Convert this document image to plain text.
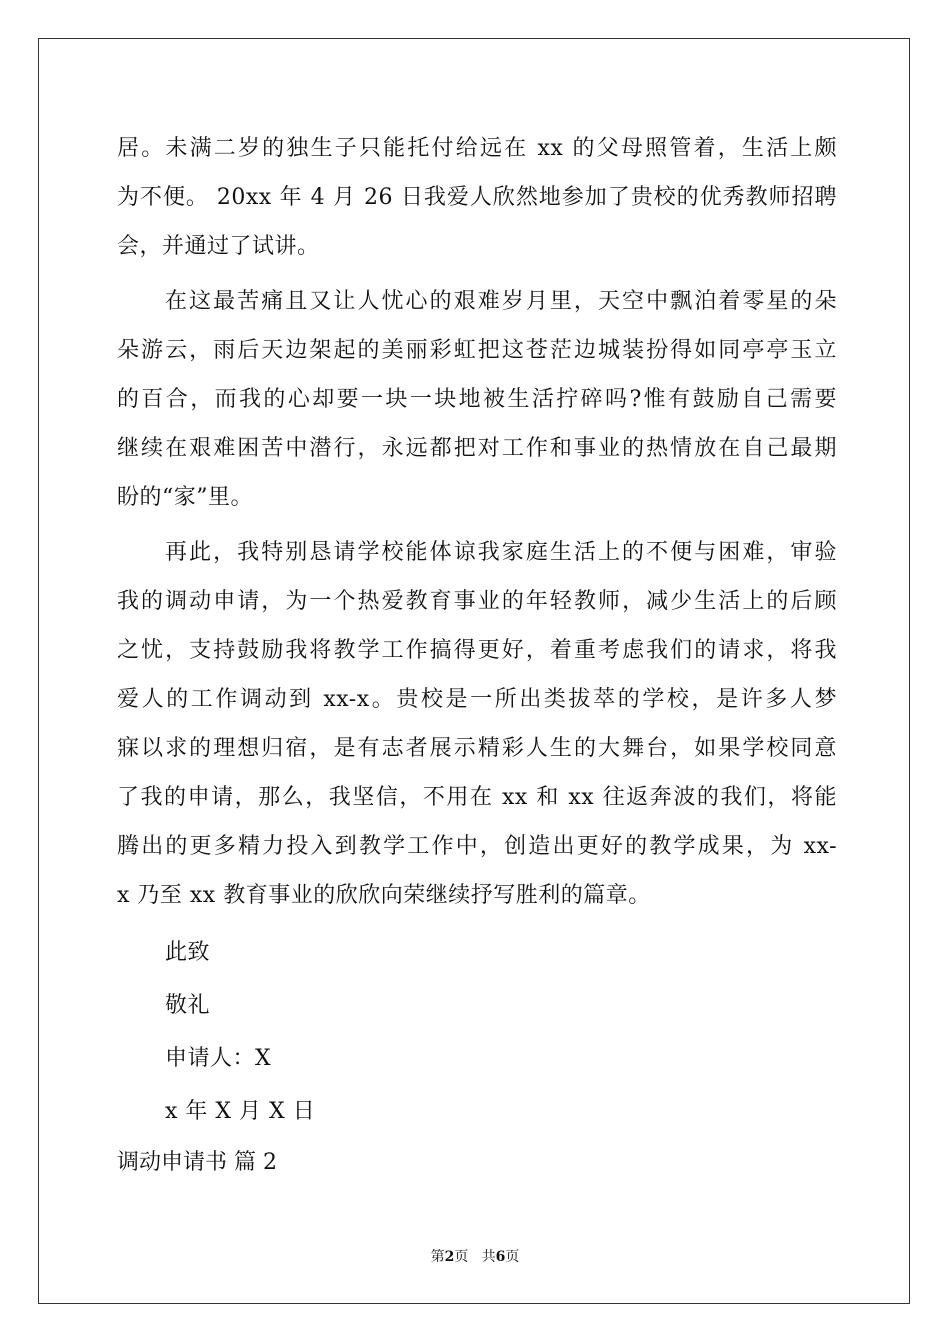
居。未满二岁的独生子只能托付给远在 xx 的父母照管着，生活上颇
为不便。 20xx 年 4 月 26 日我爱人欣然地参加了贵校的优秀教师招聘
会，并通过了试讲。
在这最苦痛且又让人忧心的艰难岁月里，天空中飘泊着零星的朵
朵游云，雨后天边架起的美丽彩虹把这苍茫边城装扮得如同亭亭玉立
的百合，而我的心却要一块一块地被生活拧碎吗?惟有鼓励自己需要
继续在艰难困苦中潜行，永远都把对工作和事业的热情放在自己最期
盼的“家”里。
再此，我特别恳请学校能体谅我家庭生活上的不便与困难，审验
我的调动申请，为一个热爱教育事业的年轻教师，减少生活上的后顾
之忧，支持鼓励我将教学工作搞得更好，着重考虑我们的请求，将我
爱人的工作调动到 xx-x。贵校是一所出类拔萃的学校，是许多人梦
寐以求的理想归宿，是有志者展示精彩人生的大舞台，如果学校同意
了我的申请，那么，我坚信，不用在 xx 和 xx 往返奔波的我们，将能
腾出的更多精力投入到教学工作中，创造出更好的教学成果，为 xx-
x 乃至 xx 教育事业的欣欣向荣继续抒写胜利的篇章。
此致
敬礼
申请人：X
x 年 X 月 X 日
调动申请书 篇 2
第2页 共6页
